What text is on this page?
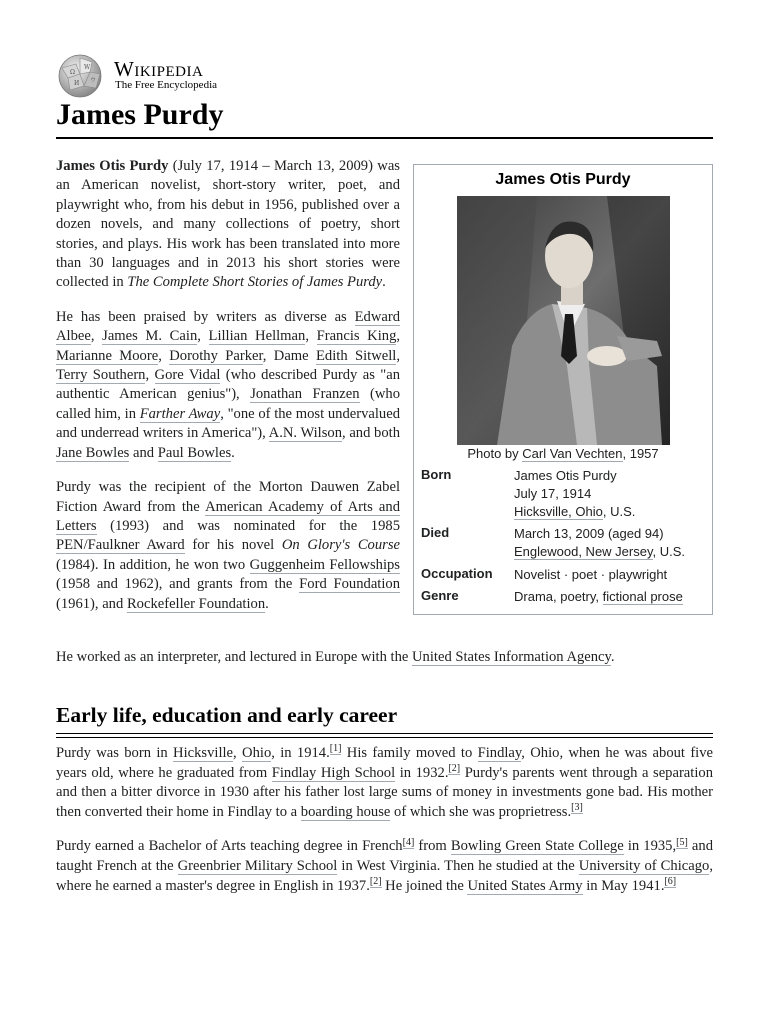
Ω
W
И ウ Wikipedia
The Free Encyclopedia
James Purdy

James Otis Purdy (July 17, 1914 – March 13, 2009) was an American novelist, short-story writer, poet, and playwright who, from his debut in 1956, published over a dozen novels, and many collections of poetry, short stories, and plays. His work has been translated into more than 30 languages and in 2013 his short stories were collected in The Complete Short Stories of James Purdy.

He has been praised by writers as diverse as Edward Albee, James M. Cain, Lillian Hellman, Francis King, Marianne Moore, Dorothy Parker, Dame Edith Sitwell, Terry Southern, Gore Vidal (who described Purdy as "an authentic American genius"), Jonathan Franzen (who called him, in Farther Away, "one of the most undervalued and underread writers in America"), A.N. Wilson, and both Jane Bowles and Paul Bowles.

Purdy was the recipient of the Morton Dauwen Zabel Fiction Award from the American Academy of Arts and Letters (1993) and was nominated for the 1985 PEN/Faulkner Award for his novel On Glory's Course (1984). In addition, he won two Guggenheim Fellowships (1958 and 1962), and grants from the Ford Foundation (1961), and Rockefeller Foundation.

James Otis Purdy
Photo by Carl Van Vechten, 1957
Born	James Otis Purdy
July 17, 1914
Hicksville, Ohio, U.S.
Died	March 13, 2009 (aged 94)
Englewood, New Jersey, U.S.
Occupation	Novelist · poet · playwright
Genre	Drama, poetry, fictional prose

He worked as an interpreter, and lectured in Europe with the United States Information Agency.

Early life, education and early career

Purdy was born in Hicksville, Ohio, in 1914.[1] His family moved to Findlay, Ohio, when he was about five years old, where he graduated from Findlay High School in 1932.[2] Purdy's parents went through a separation and then a bitter divorce in 1930 after his father lost large sums of money in investments gone bad. His mother then converted their home in Findlay to a boarding house of which she was proprietress.[3]

Purdy earned a Bachelor of Arts teaching degree in French[4] from Bowling Green State College in 1935,[5] and taught French at the Greenbrier Military School in West Virginia. Then he studied at the University of Chicago, where he earned a master's degree in English in 1937.[2] He joined the United States Army in May 1941.[6]
